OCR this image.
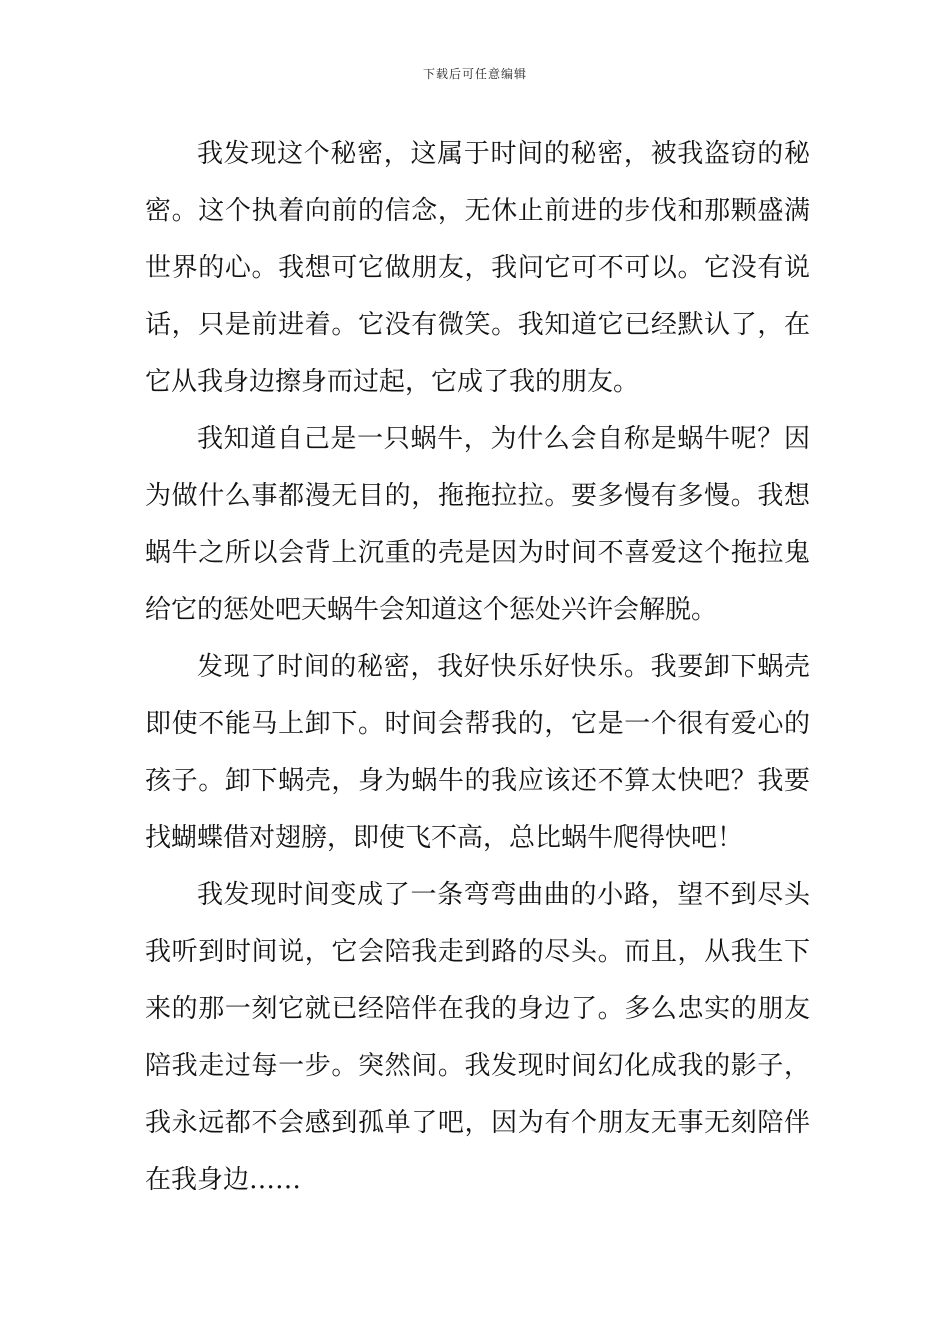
下载后可任意编辑

我发现这个秘密，这属于时间的秘密，被我盗窃的秘密。这个执着向前的信念，无休止前进的步伐和那颗盛满世界的心。我想可它做朋友，我问它可不可以。它没有说话，只是前进着。它没有微笑。我知道它已经默认了，在它从我身边擦身而过起，它成了我的朋友。

我知道自己是一只蜗牛，为什么会自称是蜗牛呢？因为做什么事都漫无目的，拖拖拉拉。要多慢有多慢。我想蜗牛之所以会背上沉重的壳是因为时间不喜爱这个拖拉鬼给它的惩处吧天蜗牛会知道这个惩处兴许会解脱。

发现了时间的秘密，我好快乐好快乐。我要卸下蜗壳即使不能马上卸下。时间会帮我的，它是一个很有爱心的孩子。卸下蜗壳，身为蜗牛的我应该还不算太快吧？我要找蝴蝶借对翅膀，即使飞不高，总比蜗牛爬得快吧！

我发现时间变成了一条弯弯曲曲的小路，望不到尽头我听到时间说，它会陪我走到路的尽头。而且，从我生下来的那一刻它就已经陪伴在我的身边了。多么忠实的朋友陪我走过每一步。突然间。我发现时间幻化成我的影子，我永远都不会感到孤单了吧，因为有个朋友无事无刻陪伴在我身边……
